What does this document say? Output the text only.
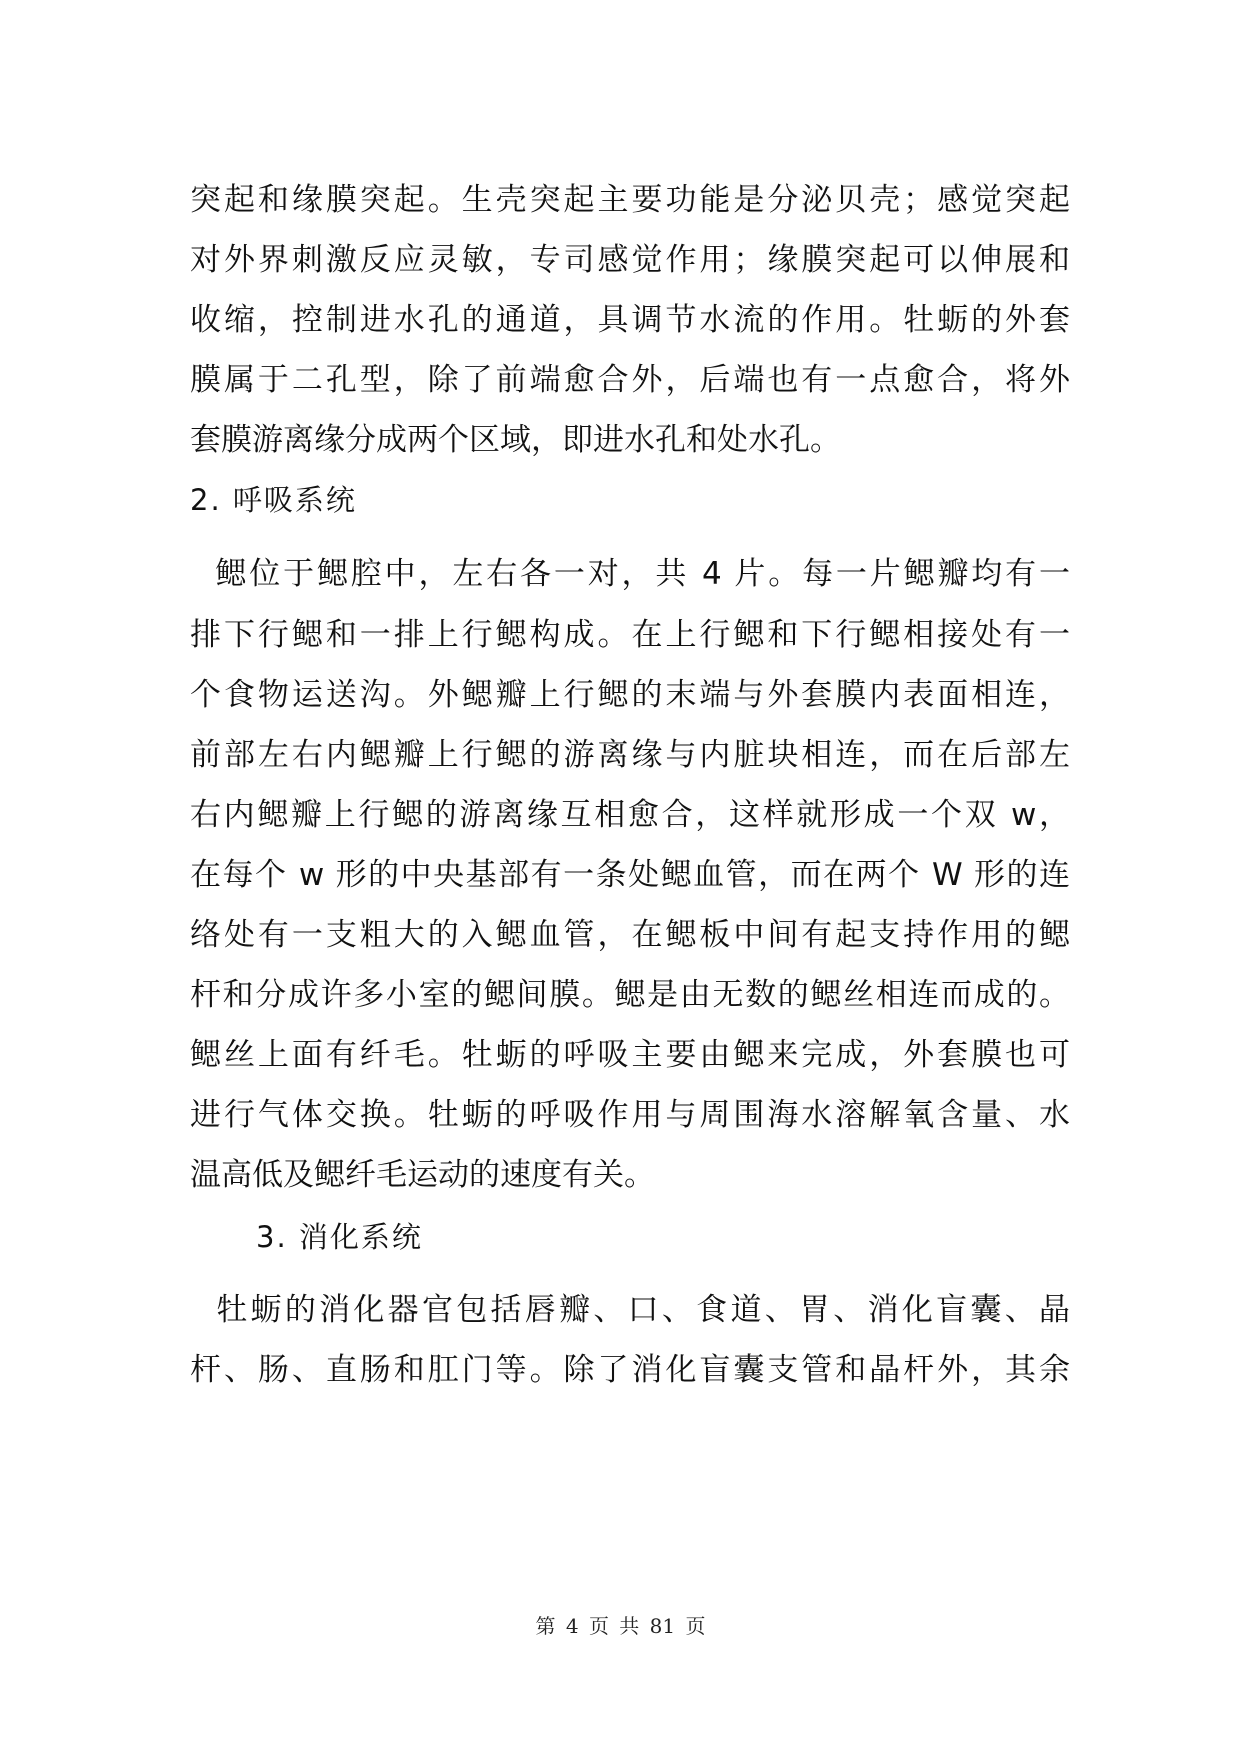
突起和缘膜突起。生壳突起主要功能是分泌贝壳；感觉突起
对外界刺激反应灵敏，专司感觉作用；缘膜突起可以伸展和
收缩，控制进水孔的通道，具调节水流的作用。牡蛎的外套
膜属于二孔型，除了前端愈合外，后端也有一点愈合，将外
套膜游离缘分成两个区域，即进水孔和处水孔。
2. 呼吸系统
鳃位于鳃腔中，左右各一对，共 4 片。每一片鳃瓣均有一
排下行鳃和一排上行鳃构成。在上行鳃和下行鳃相接处有一
个食物运送沟。外鳃瓣上行鳃的末端与外套膜内表面相连，
前部左右内鳃瓣上行鳃的游离缘与内脏块相连，而在后部左
右内鳃瓣上行鳃的游离缘互相愈合，这样就形成一个双 w，
在每个 w 形的中央基部有一条处鳃血管，而在两个 W 形的连
络处有一支粗大的入鳃血管，在鳃板中间有起支持作用的鳃
杆和分成许多小室的鳃间膜。鳃是由无数的鳃丝相连而成的。
鳃丝上面有纤毛。牡蛎的呼吸主要由鳃来完成，外套膜也可
进行气体交换。牡蛎的呼吸作用与周围海水溶解氧含量、水
温高低及鳃纤毛运动的速度有关。
3. 消化系统
牡蛎的消化器官包括唇瓣、口、食道、胃、消化盲囊、晶
杆、肠、直肠和肛门等。除了消化盲囊支管和晶杆外，其余
第 4 页 共 81 页
